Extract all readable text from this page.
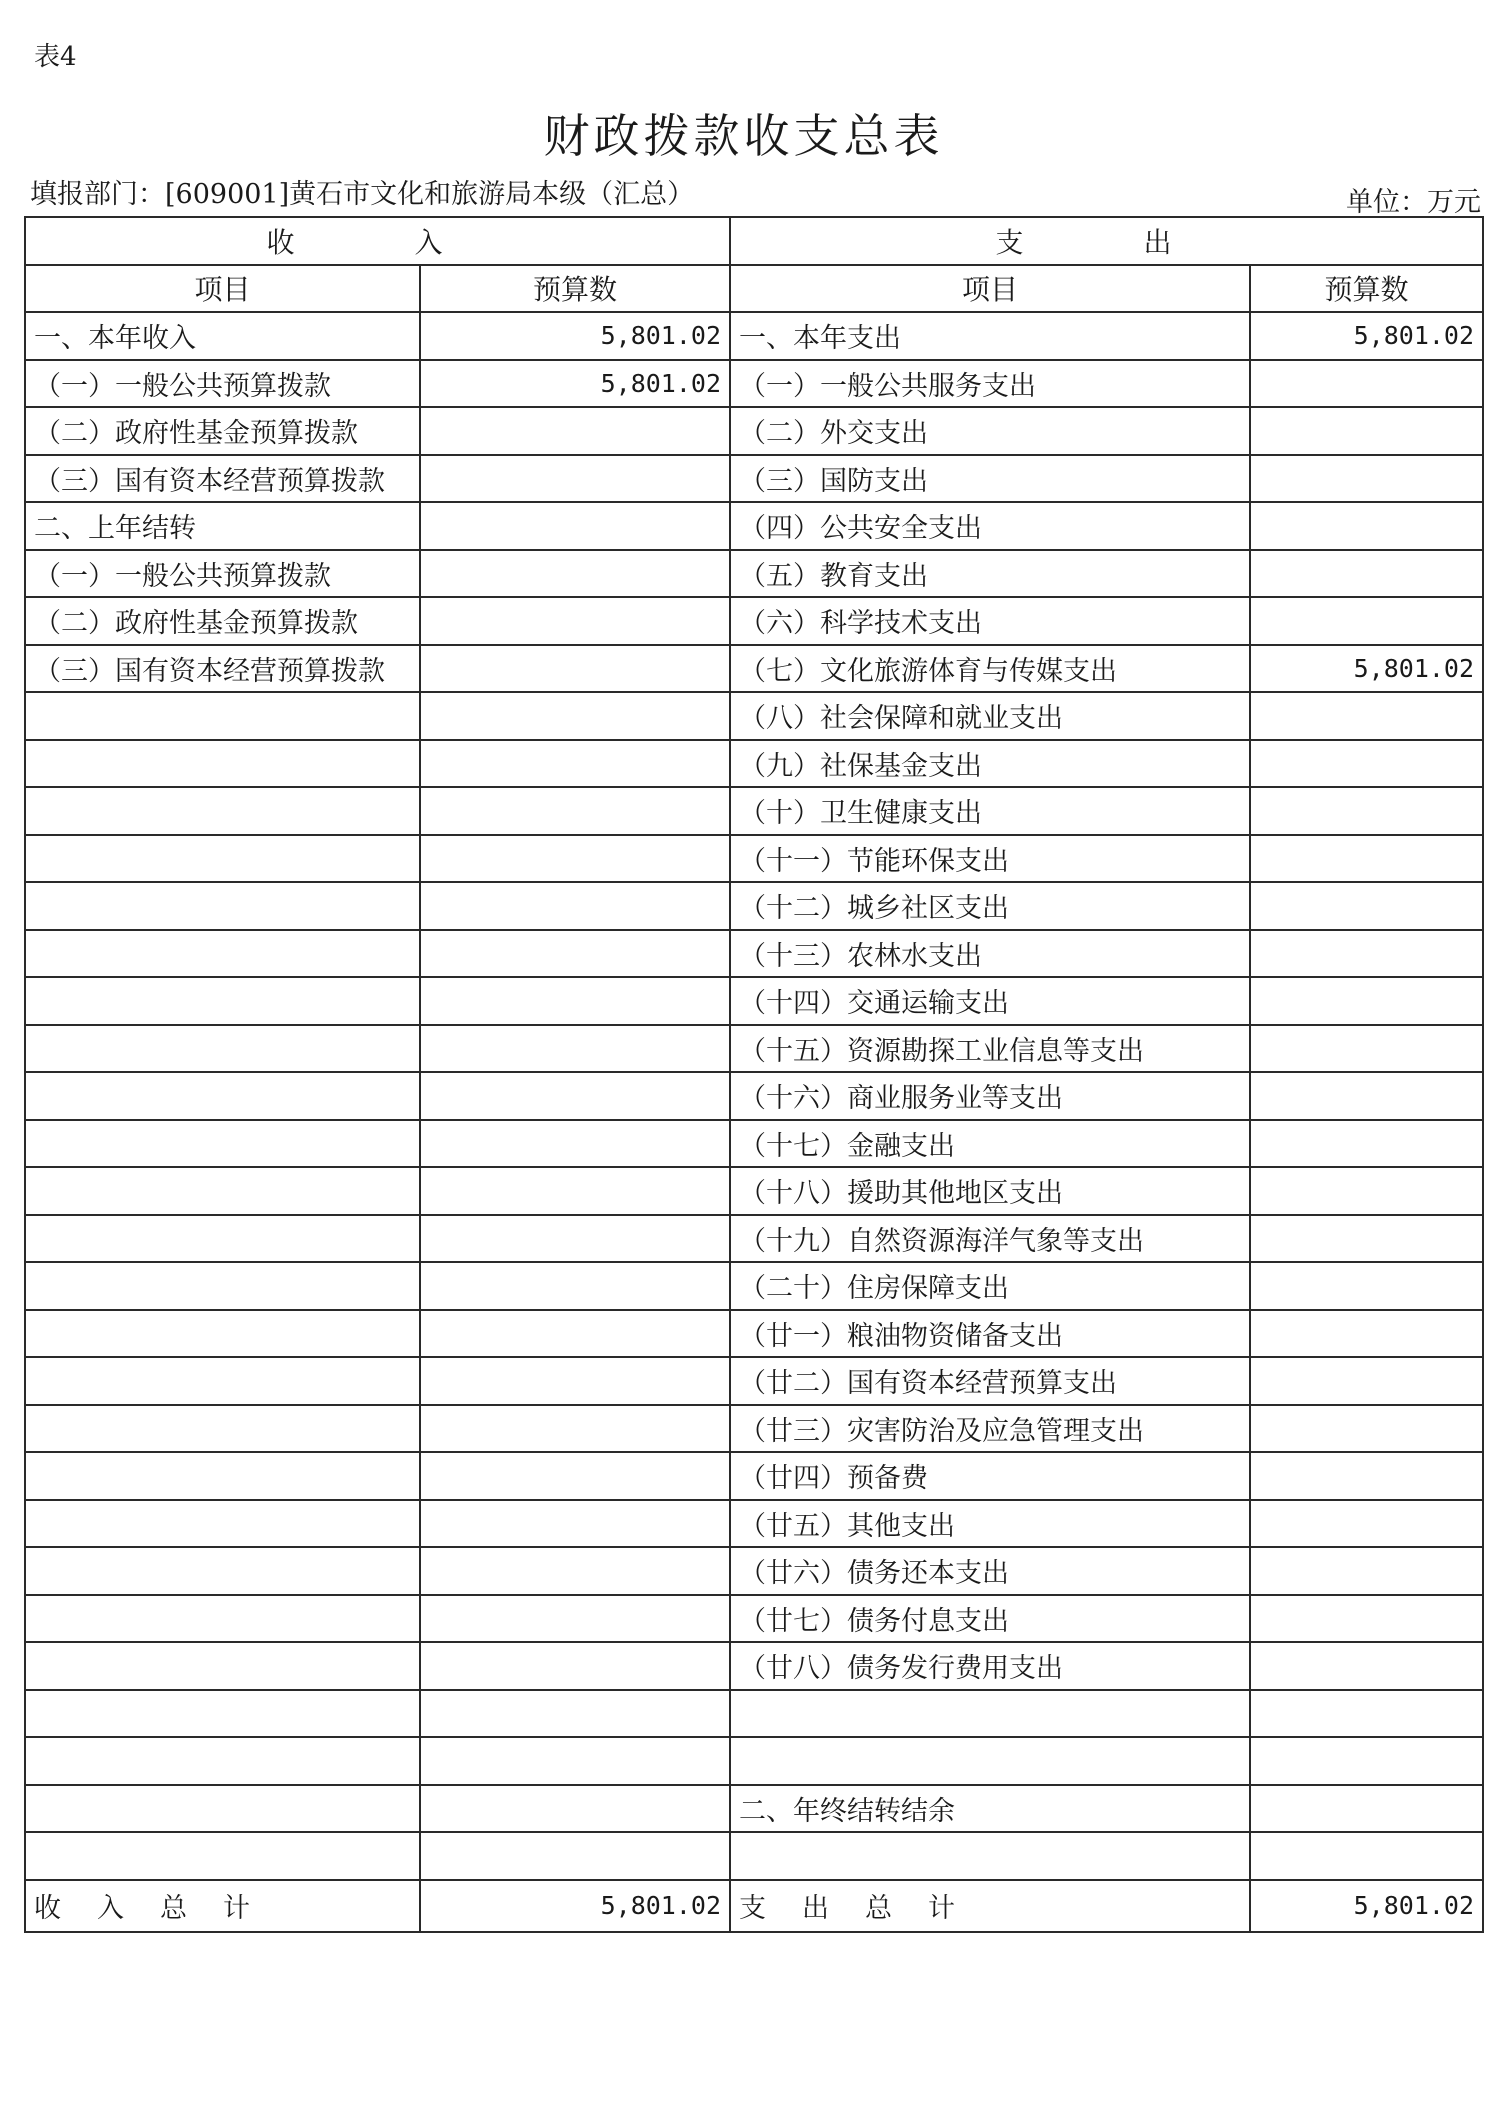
表4
财政拨款收支总表
填报部门：[609001]黄石市文化和旅游局本级（汇总）	单位：万元
收　入		支　出	
项目	预算数	项目	预算数
一、本年收入	5,801.02	一、本年支出	5,801.02
（一）一般公共预算拨款	5,801.02	（一）一般公共服务支出	
（二）政府性基金预算拨款		（二）外交支出	
（三）国有资本经营预算拨款		（三）国防支出	
二、上年结转		（四）公共安全支出	
（一）一般公共预算拨款		（五）教育支出	
（二）政府性基金预算拨款		（六）科学技术支出	
（三）国有资本经营预算拨款		（七）文化旅游体育与传媒支出	5,801.02
		（八）社会保障和就业支出	
		（九）社保基金支出	
		（十）卫生健康支出	
		（十一）节能环保支出	
		（十二）城乡社区支出	
		（十三）农林水支出	
		（十四）交通运输支出	
		（十五）资源勘探工业信息等支出	
		（十六）商业服务业等支出	
		（十七）金融支出	
		（十八）援助其他地区支出	
		（十九）自然资源海洋气象等支出	
		（二十）住房保障支出	
		（廿一）粮油物资储备支出	
		（廿二）国有资本经营预算支出	
		（廿三）灾害防治及应急管理支出	
		（廿四）预备费	
		（廿五）其他支出	
		（廿六）债务还本支出	
		（廿七）债务付息支出	
		（廿八）债务发行费用支出	

		二、年终结转结余	

收入总计	5,801.02	支出总计	5,801.02
